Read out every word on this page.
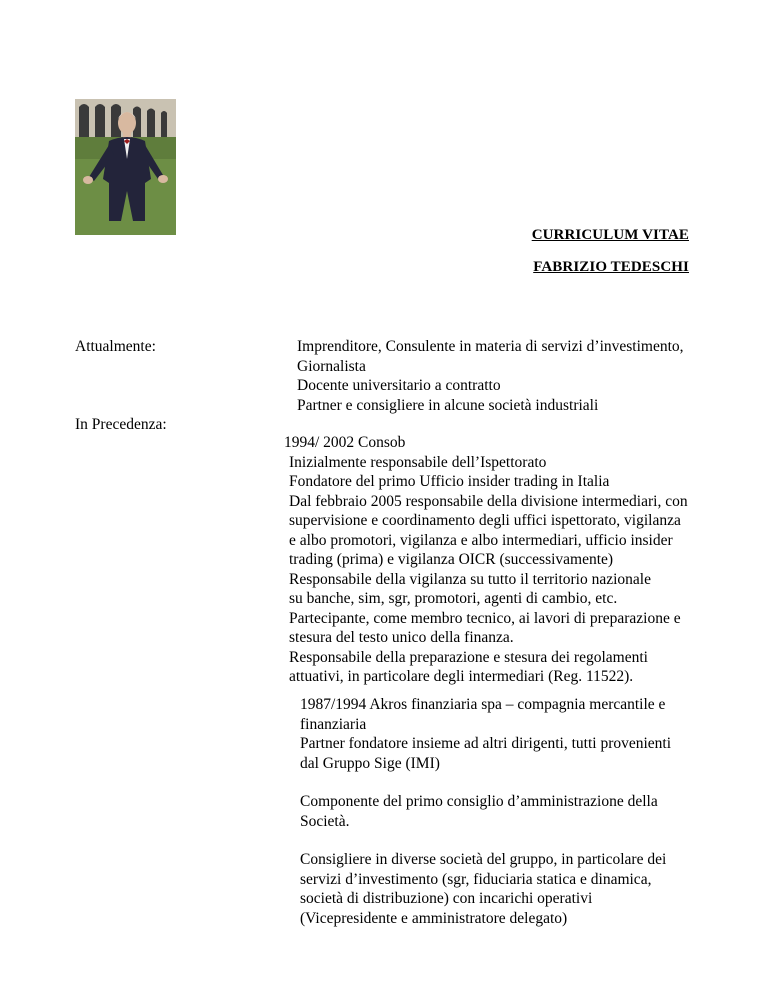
CURRICULUM VITAE
FABRIZIO TEDESCHI
Attualmente:	Imprenditore, Consulente in materia di servizi d’investimento,
Giornalista
Docente universitario a contratto
Partner e consigliere in alcune società industriali
In Precedenza:
1994/ 2002 Consob
Inizialmente responsabile dell’Ispettorato
Fondatore del primo Ufficio insider trading in Italia
Dal febbraio 2005 responsabile della divisione intermediari, con
supervisione e coordinamento degli uffici ispettorato, vigilanza
e albo promotori, vigilanza e albo intermediari, ufficio insider
trading (prima) e vigilanza OICR (successivamente)
Responsabile della vigilanza su tutto il territorio nazionale
su banche, sim, sgr, promotori, agenti di cambio, etc.
Partecipante, come membro tecnico, ai lavori di preparazione e
stesura del testo unico della finanza.
Responsabile della preparazione e stesura dei regolamenti
attuativi, in particolare degli intermediari (Reg. 11522).
1987/1994 Akros finanziaria spa – compagnia mercantile e
finanziaria
Partner fondatore insieme ad altri dirigenti, tutti provenienti
dal Gruppo Sige (IMI)
Componente del primo consiglio d’amministrazione della
Società.
Consigliere in diverse società del gruppo, in particolare dei
servizi d’investimento (sgr, fiduciaria statica e dinamica,
società di distribuzione) con incarichi operativi
(Vicepresidente e amministratore delegato)
